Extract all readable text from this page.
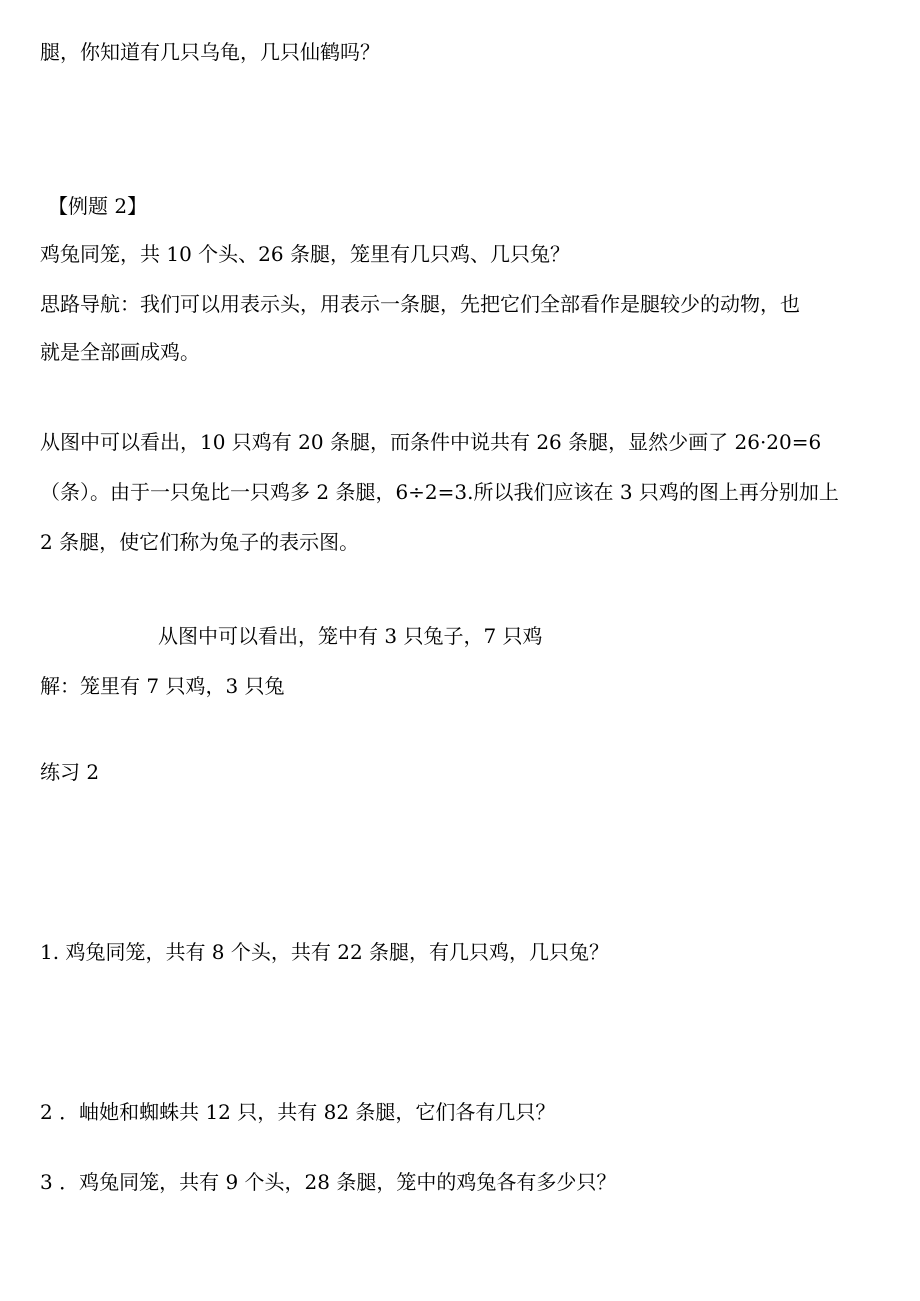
腿，你知道有几只乌龟，几只仙鹤吗？
【例题 2】
鸡兔同笼，共 10 个头、26 条腿，笼里有几只鸡、几只兔？
思路导航：我们可以用表示头，用表示一条腿，先把它们全部看作是腿较少的动物，也
就是全部画成鸡。
从图中可以看出，10 只鸡有 20 条腿，而条件中说共有 26 条腿，显然少画了 26·20=6
（条）。由于一只兔比一只鸡多 2 条腿，6÷2=3.所以我们应该在 3 只鸡的图上再分别加上
2 条腿，使它们称为兔子的表示图。
从图中可以看出，笼中有 3 只兔子，7 只鸡
解：笼里有 7 只鸡，3 只兔
练习 2
1. 鸡兔同笼，共有 8 个头，共有 22 条腿，有几只鸡，几只兔？
2 ．岫她和蜘蛛共 12 只，共有 82 条腿，它们各有几只？
3 ．鸡兔同笼，共有 9 个头，28 条腿，笼中的鸡兔各有多少只？
